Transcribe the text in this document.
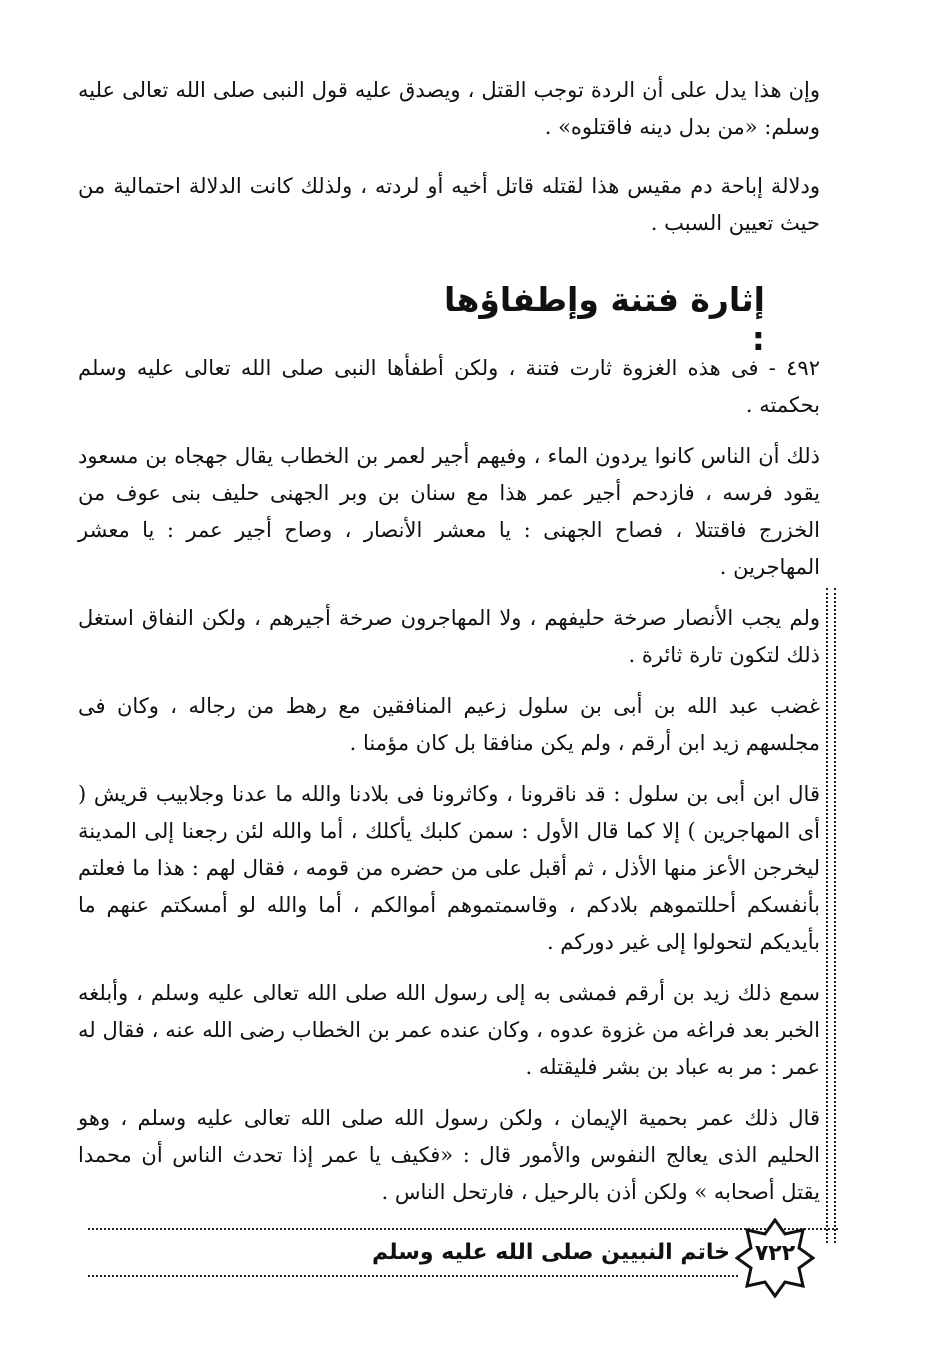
وإن هذا يدل على أن الردة توجب القتل ، ويصدق عليه قول النبى صلى الله تعالى عليه وسلم: «من بدل دينه فاقتلوه» .

ودلالة إباحة دم مقيس هذا لقتله قاتل أخيه أو لردته ، ولذلك كانت الدلالة احتمالية من حيث تعيين السبب .

إثارة فتنة وإطفاؤها :

٤٩٢ - فى هذه الغزوة ثارت فتنة ، ولكن أطفأها النبى صلى الله تعالى عليه وسلم بحكمته .

ذلك أن الناس كانوا يردون الماء ، وفيهم أجير لعمر بن الخطاب يقال جهجاه بن مسعود يقود فرسه ، فازدحم أجير عمر هذا مع سنان بن وبر الجهنى حليف بنى عوف من الخزرج فاقتتلا ، فصاح الجهنى : يا معشر الأنصار ، وصاح أجير عمر : يا معشر المهاجرين .

ولم يجب الأنصار صرخة حليفهم ، ولا المهاجرون صرخة أجيرهم ، ولكن النفاق استغل ذلك لتكون تارة ثائرة .

غضب عبد الله بن أبى بن سلول زعيم المنافقين مع رهط من رجاله ، وكان فى مجلسهم زيد ابن أرقم ، ولم يكن منافقا بل كان مؤمنا .

قال ابن أبى بن سلول : قد ناقرونا ، وكاثرونا فى بلادنا والله ما عدنا وجلابيب قريش ( أى المهاجرين ) إلا كما قال الأول : سمن كلبك يأكلك ، أما والله لئن رجعنا إلى المدينة ليخرجن الأعز منها الأذل ، ثم أقبل على من حضره من قومه ، فقال لهم : هذا ما فعلتم بأنفسكم أحللتموهم بلادكم ، وقاسمتموهم أموالكم ، أما والله لو أمسكتم عنهم ما بأيديكم لتحولوا إلى غير دوركم .

سمع ذلك زيد بن أرقم فمشى به إلى رسول الله صلى الله تعالى عليه وسلم ، وأبلغه الخبر بعد فراغه من غزوة عدوه ، وكان عنده عمر بن الخطاب رضى الله عنه ، فقال له عمر : مر به عباد بن بشر فليقتله .

قال ذلك عمر بحمية الإيمان ، ولكن رسول الله صلى الله تعالى عليه وسلم ، وهو الحليم الذى يعالج النفوس والأمور قال : «فكيف يا عمر إذا تحدث الناس أن محمدا يقتل أصحابه » ولكن أذن بالرحيل ، فارتحل الناس .

٧٢٢
خاتم النبيين صلى الله عليه وسلم
